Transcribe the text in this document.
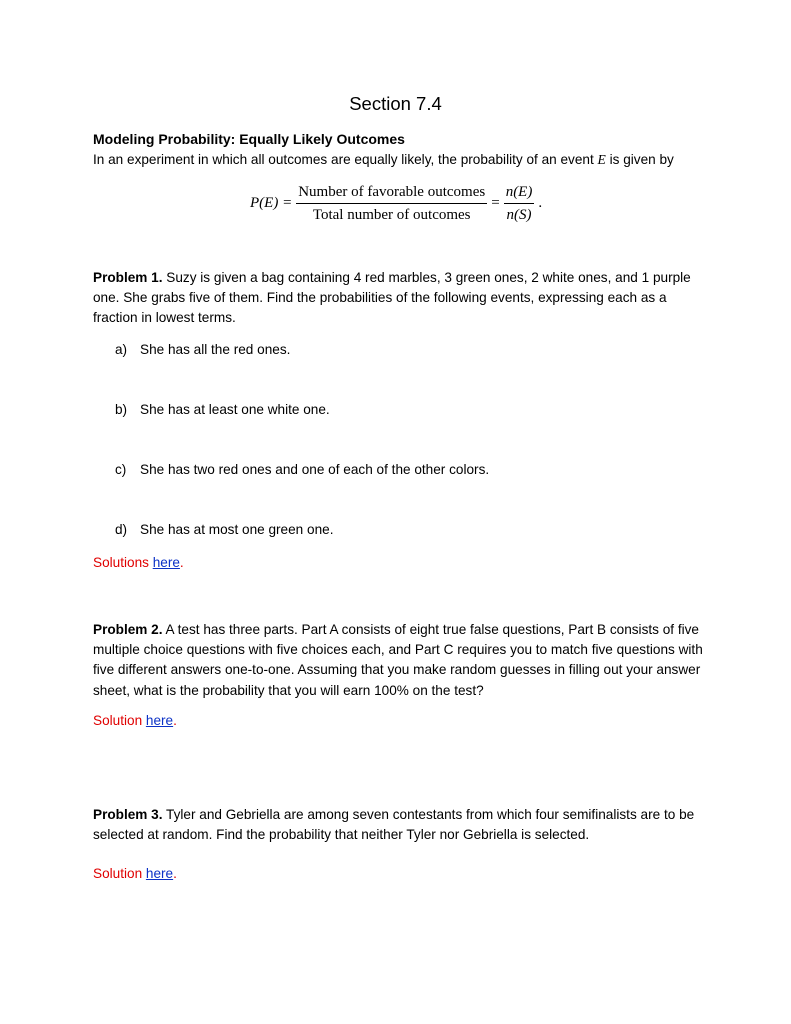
Section 7.4
Modeling Probability: Equally Likely Outcomes
In an experiment in which all outcomes are equally likely, the probability of an event E is given by
$P(E) = \frac{\text{Number of favorable outcomes}}{\text{Total number of outcomes}} = \frac{n(E)}{n(S)}$ .
Problem 1. Suzy is given a bag containing 4 red marbles, 3 green ones, 2 white ones, and 1 purple one. She grabs five of them. Find the probabilities of the following events, expressing each as a fraction in lowest terms.
a) She has all the red ones.
b) She has at least one white one.
c) She has two red ones and one of each of the other colors.
d) She has at most one green one.
Solutions here.
Problem 2. A test has three parts. Part A consists of eight true false questions, Part B consists of five multiple choice questions with five choices each, and Part C requires you to match five questions with five different answers one-to-one. Assuming that you make random guesses in filling out your answer sheet, what is the probability that you will earn 100% on the test?
Solution here.
Problem 3. Tyler and Gebriella are among seven contestants from which four semifinalists are to be selected at random. Find the probability that neither Tyler nor Gebriella is selected.
Solution here.
